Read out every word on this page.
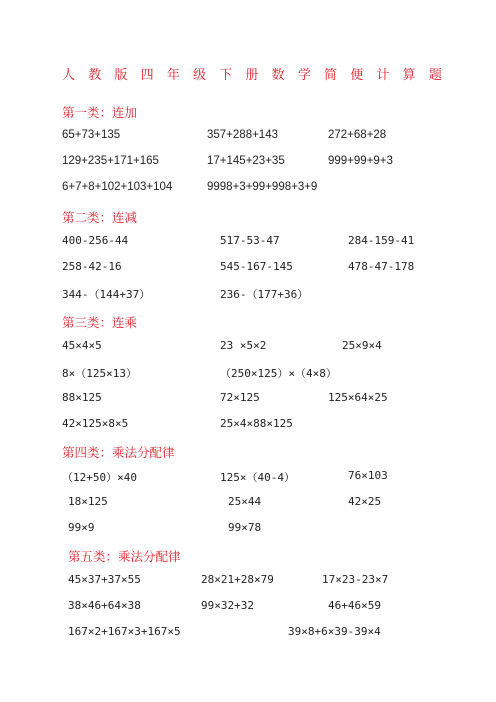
人 教 版 四 年 级 下 册 数 学 简 便 计 算 题
第一类：连加
65+73+135	357+288+143	272+68+28
129+235+171+165	17+145+23+35	999+99+9+3
6+7+8+102+103+104	9998+3+99+998+3+9
第二类：连减
400-256-44	517-53-47	284-159-41
258-42-16	545-167-145	478-47-178
344-（144+37）	236-（177+36）
第三类：连乘
45×4×5	23 ×5×2	25×9×4
8×（125×13）	（250×125）×（4×8）
88×125	72×125	125×64×25
42×125×8×5	25×4×88×125
第四类：乘法分配律
（12+50）×40	125×（40-4）	76×103
18×125	25×44	42×25
99×9	99×78
第五类：乘法分配律
45×37+37×55	28×21+28×79	17×23-23×7
38×46+64×38	99×32+32	46+46×59
167×2+167×3+167×5	39×8+6×39-39×4
